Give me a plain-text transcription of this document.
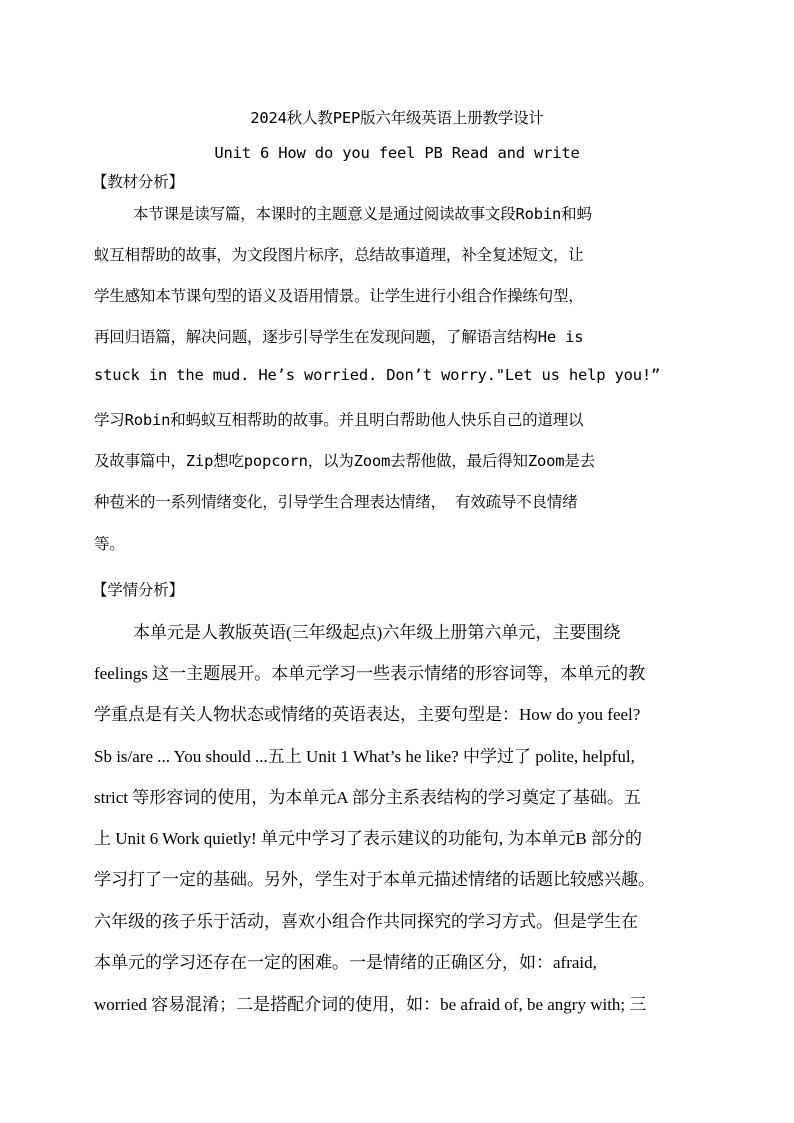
2024秋人教PEP版六年级英语上册教学设计
Unit 6 How do you feel PB Read and write
【教材分析】
本节课是读写篇，本课时的主题意义是通过阅读故事文段Robin和蚂
蚁互相帮助的故事，为文段图片标序，总结故事道理，补全复述短文，让
学生感知本节课句型的语义及语用情景。让学生进行小组合作操练句型，
再回归语篇，解决问题，逐步引导学生在发现问题，了解语言结构He is
stuck in the mud. He’s worried. Don’t worry."Let us help you!”
学习Robin和蚂蚁互相帮助的故事。并且明白帮助他人快乐自己的道理以
及故事篇中，Zip想吃popcorn，以为Zoom去帮他做，最后得知Zoom是去
种苞米的一系列情绪变化，引导学生合理表达情绪， 有效疏导不良情绪
等。
【学情分析】
本单元是人教版英语(三年级起点)六年级上册第六单元，主要围绕
feelings 这一主题展开。本单元学习一些表示情绪的形容词等，本单元的教
学重点是有关人物状态或情绪的英语表达，主要句型是：How do you feel?
Sb is/are ... You should ...五上 Unit 1 What’s he like? 中学过了 polite, helpful,
strict 等形容词的使用，为本单元A 部分主系表结构的学习奠定了基础。五
上 Unit 6 Work quietly! 单元中学习了表示建议的功能句, 为本单元B 部分的
学习打了一定的基础。另外，学生对于本单元描述情绪的话题比较感兴趣。
六年级的孩子乐于活动，喜欢小组合作共同探究的学习方式。但是学生在
本单元的学习还存在一定的困难。一是情绪的正确区分，如：afraid,
worried 容易混淆；二是搭配介词的使用，如：be afraid of, be angry with; 三
